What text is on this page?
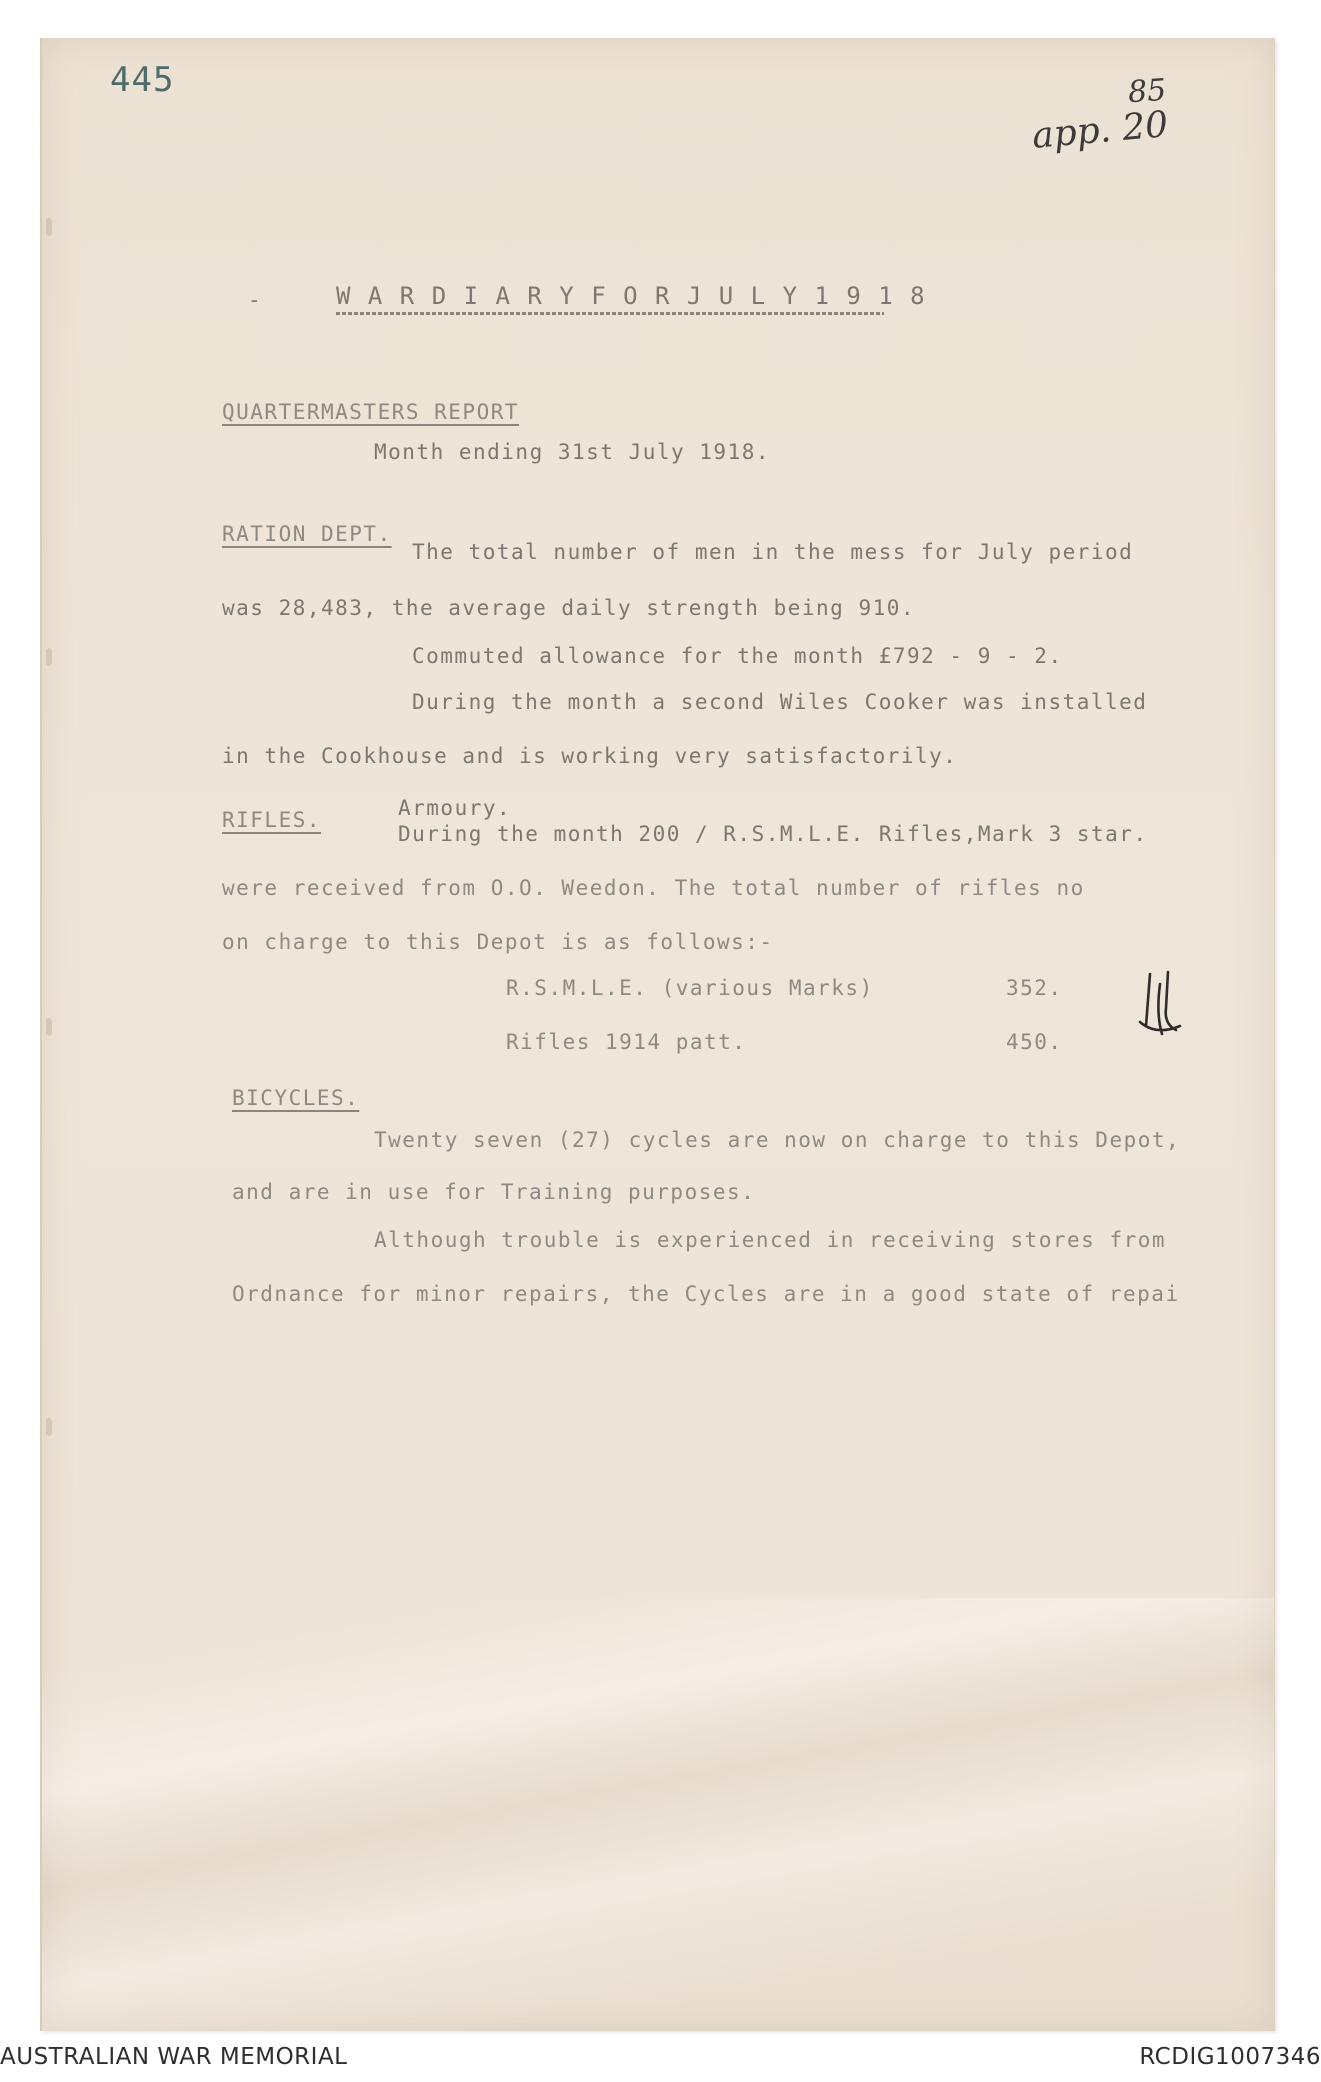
445	85
app. 20
-	W A R D I A R Y F O R J U L Y 1 9 1 8
QUARTERMASTERS REPORT
Month ending 31st July 1918.
RATION DEPT.
The total number of men in the mess for July period
was 28,483, the average daily strength being 910.
Commuted allowance for the month £792 - 9 - 2.
During the month a second Wiles Cooker was installed
in the Cookhouse and is working very satisfactorily.
RIFLES.	Armoury.
During the month 200 / R.S.M.L.E. Rifles,Mark 3 star.
were received from O.O. Weedon. The total number of rifles no
on charge to this Depot is as follows:-
R.S.M.L.E. (various Marks)	352.
Rifles 1914 patt.	450.
BICYCLES.
Twenty seven (27) cycles are now on charge to this Depot,
and are in use for Training purposes.
Although trouble is experienced in receiving stores from
Ordnance for minor repairs, the Cycles are in a good state of repai
AUSTRALIAN WAR MEMORIAL	RCDIG1007346
